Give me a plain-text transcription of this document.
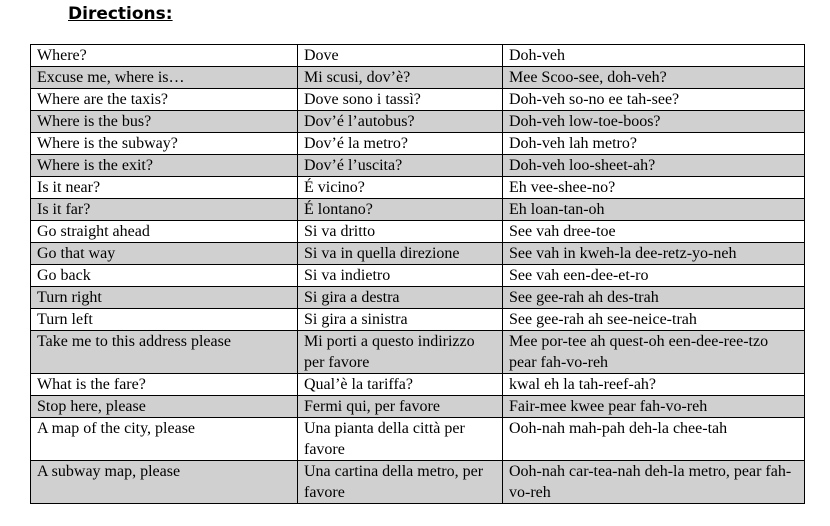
Directions:
Where?	Dove	Doh-veh
Excuse me, where is…	Mi scusi, dov’è?	Mee Scoo-see, doh-veh?
Where are the taxis?	Dove sono i tassì?	Doh-veh so-no ee tah-see?
Where is the bus?	Dov’é l’autobus?	Doh-veh low-toe-boos?
Where is the subway?	Dov’é la metro?	Doh-veh lah metro?
Where is the exit?	Dov’é l’uscita?	Doh-veh loo-sheet-ah?
Is it near?	É vicino?	Eh vee-shee-no?
Is it far?	É lontano?	Eh loan-tan-oh
Go straight ahead	Si va dritto	See vah dree-toe
Go that way	Si va in quella direzione	See vah in kweh-la dee-retz-yo-neh
Go back	Si va indietro	See vah een-dee-et-ro
Turn right	Si gira a destra	See gee-rah ah des-trah
Turn left	Si gira a sinistra	See gee-rah ah see-neice-trah
Take me to this address please	Mi porti a questo indirizzo per favore	Mee por-tee ah quest-oh een-dee-ree-tzo pear fah-vo-reh
What is the fare?	Qual’è la tariffa?	kwal eh la tah-reef-ah?
Stop here, please	Fermi qui, per favore	Fair-mee kwee pear fah-vo-reh
A map of the city, please	Una pianta della città per favore	Ooh-nah mah-pah deh-la chee-tah
A subway map, please	Una cartina della metro, per favore	Ooh-nah car-tea-nah deh-la metro, pear fah-vo-reh
